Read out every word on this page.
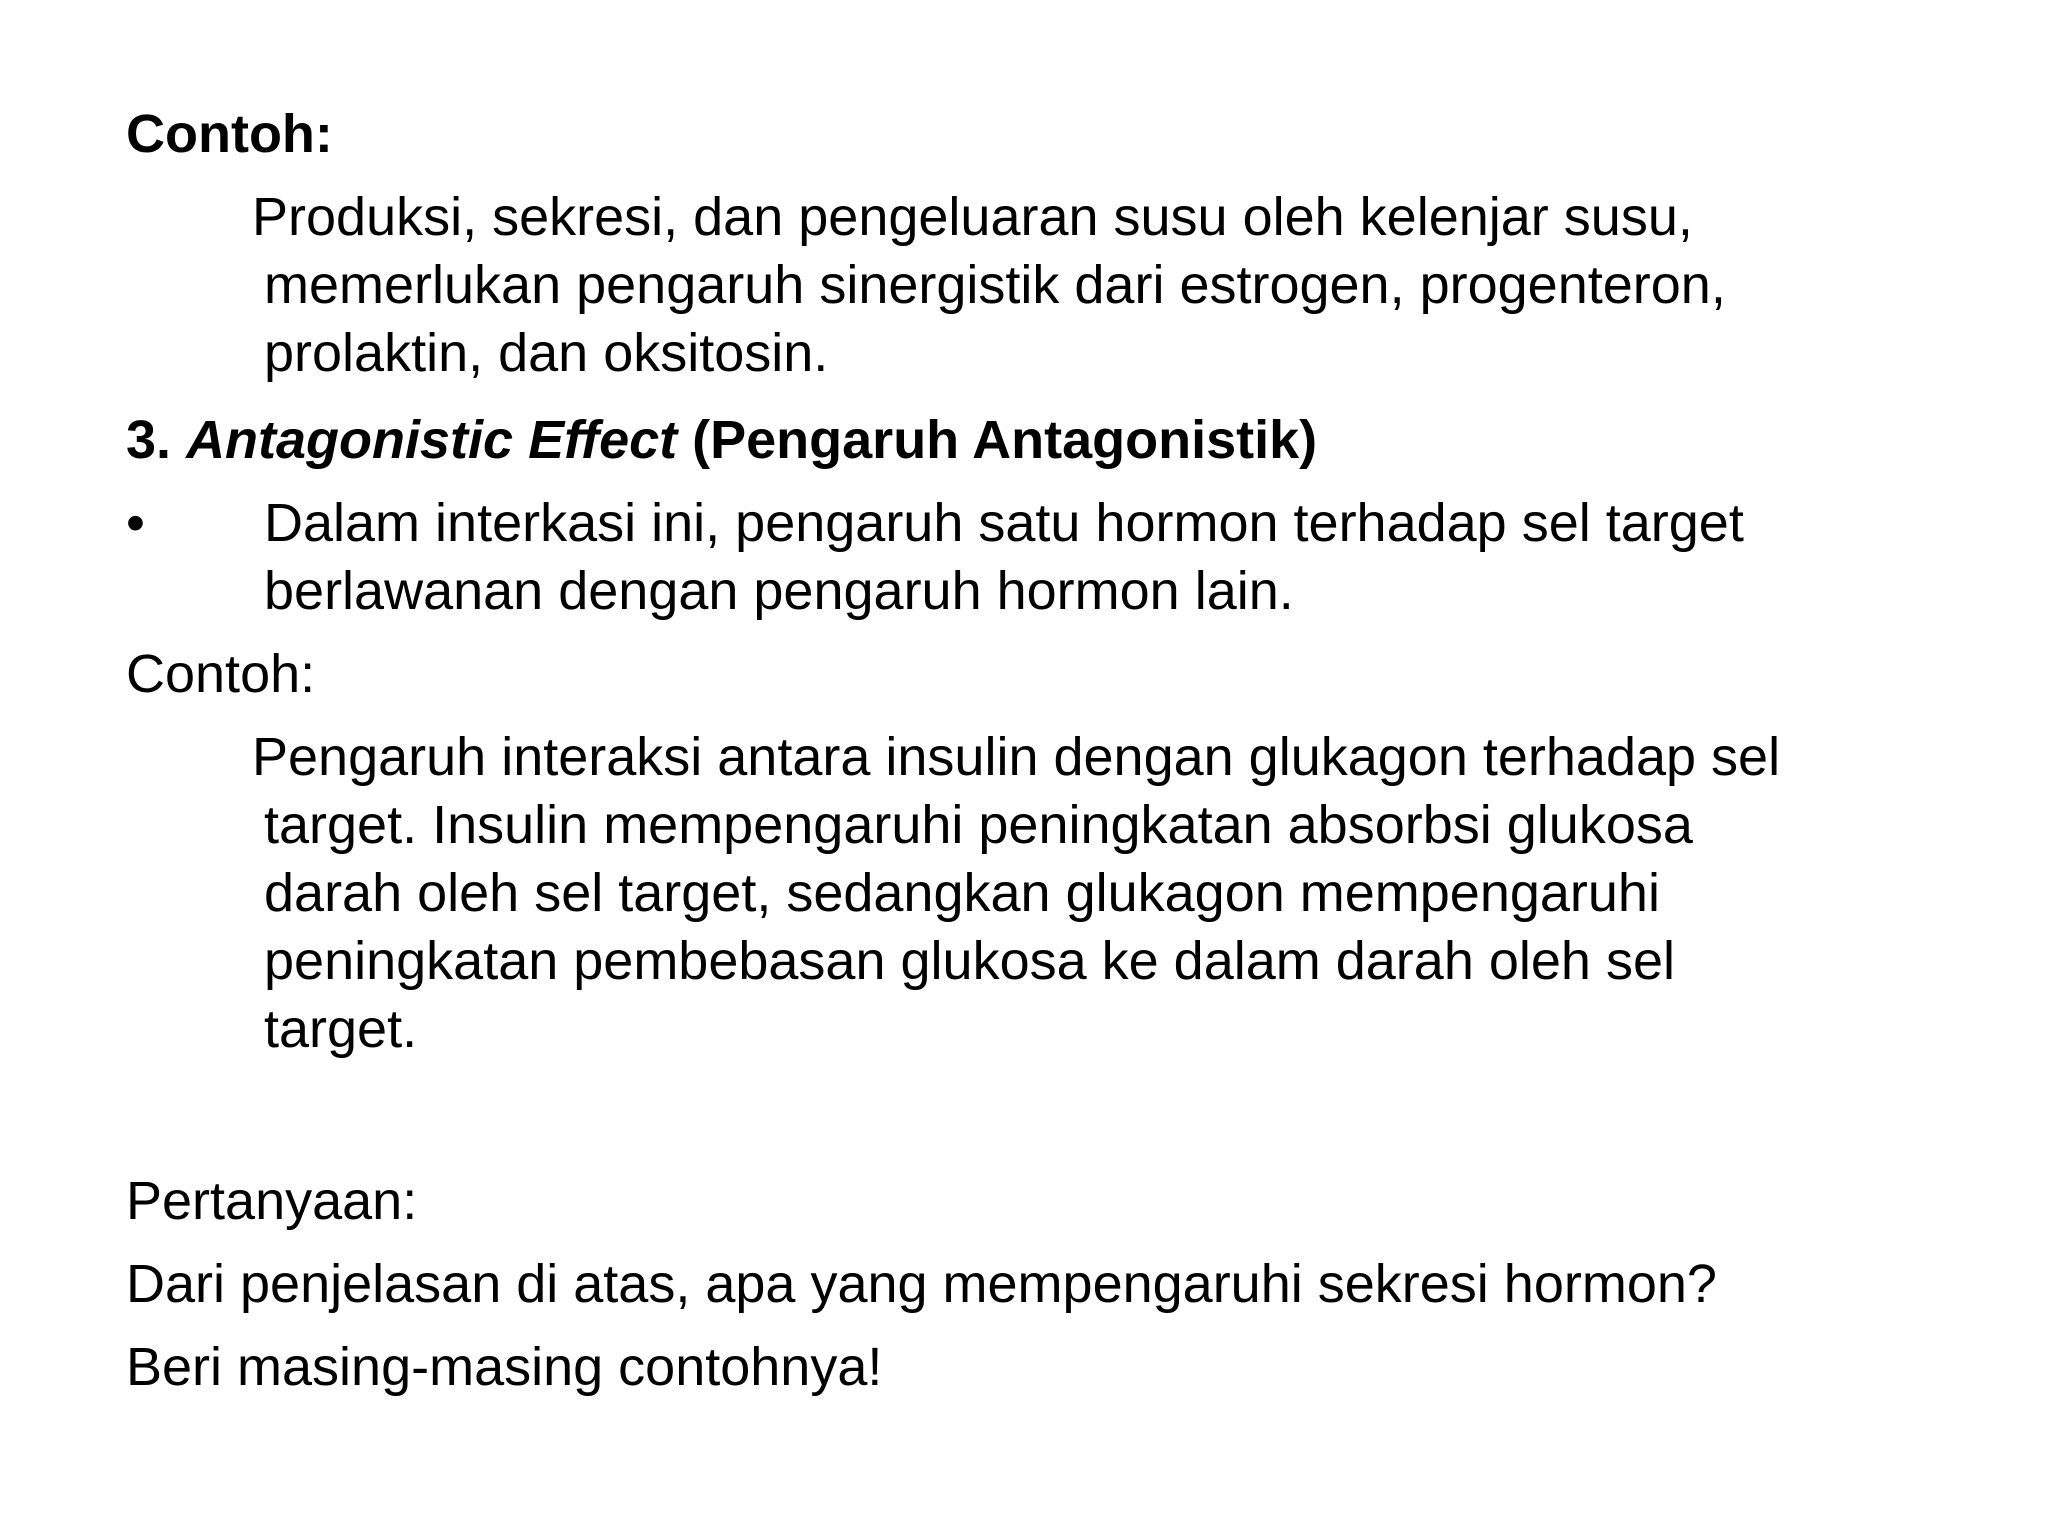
Contoh:
Produksi, sekresi, dan pengeluaran susu oleh kelenjar susu,
memerlukan pengaruh sinergistik dari estrogen, progenteron,
prolaktin, dan oksitosin.
3. Antagonistic Effect (Pengaruh Antagonistik)
• Dalam interkasi ini, pengaruh satu hormon terhadap sel target
berlawanan dengan pengaruh hormon lain.
Contoh:
Pengaruh interaksi antara insulin dengan glukagon terhadap sel
target. Insulin mempengaruhi peningkatan absorbsi glukosa
darah oleh sel target, sedangkan glukagon mempengaruhi
peningkatan pembebasan glukosa ke dalam darah oleh sel
target.
Pertanyaan:
Dari penjelasan di atas, apa yang mempengaruhi sekresi hormon?
Beri masing-masing contohnya!
